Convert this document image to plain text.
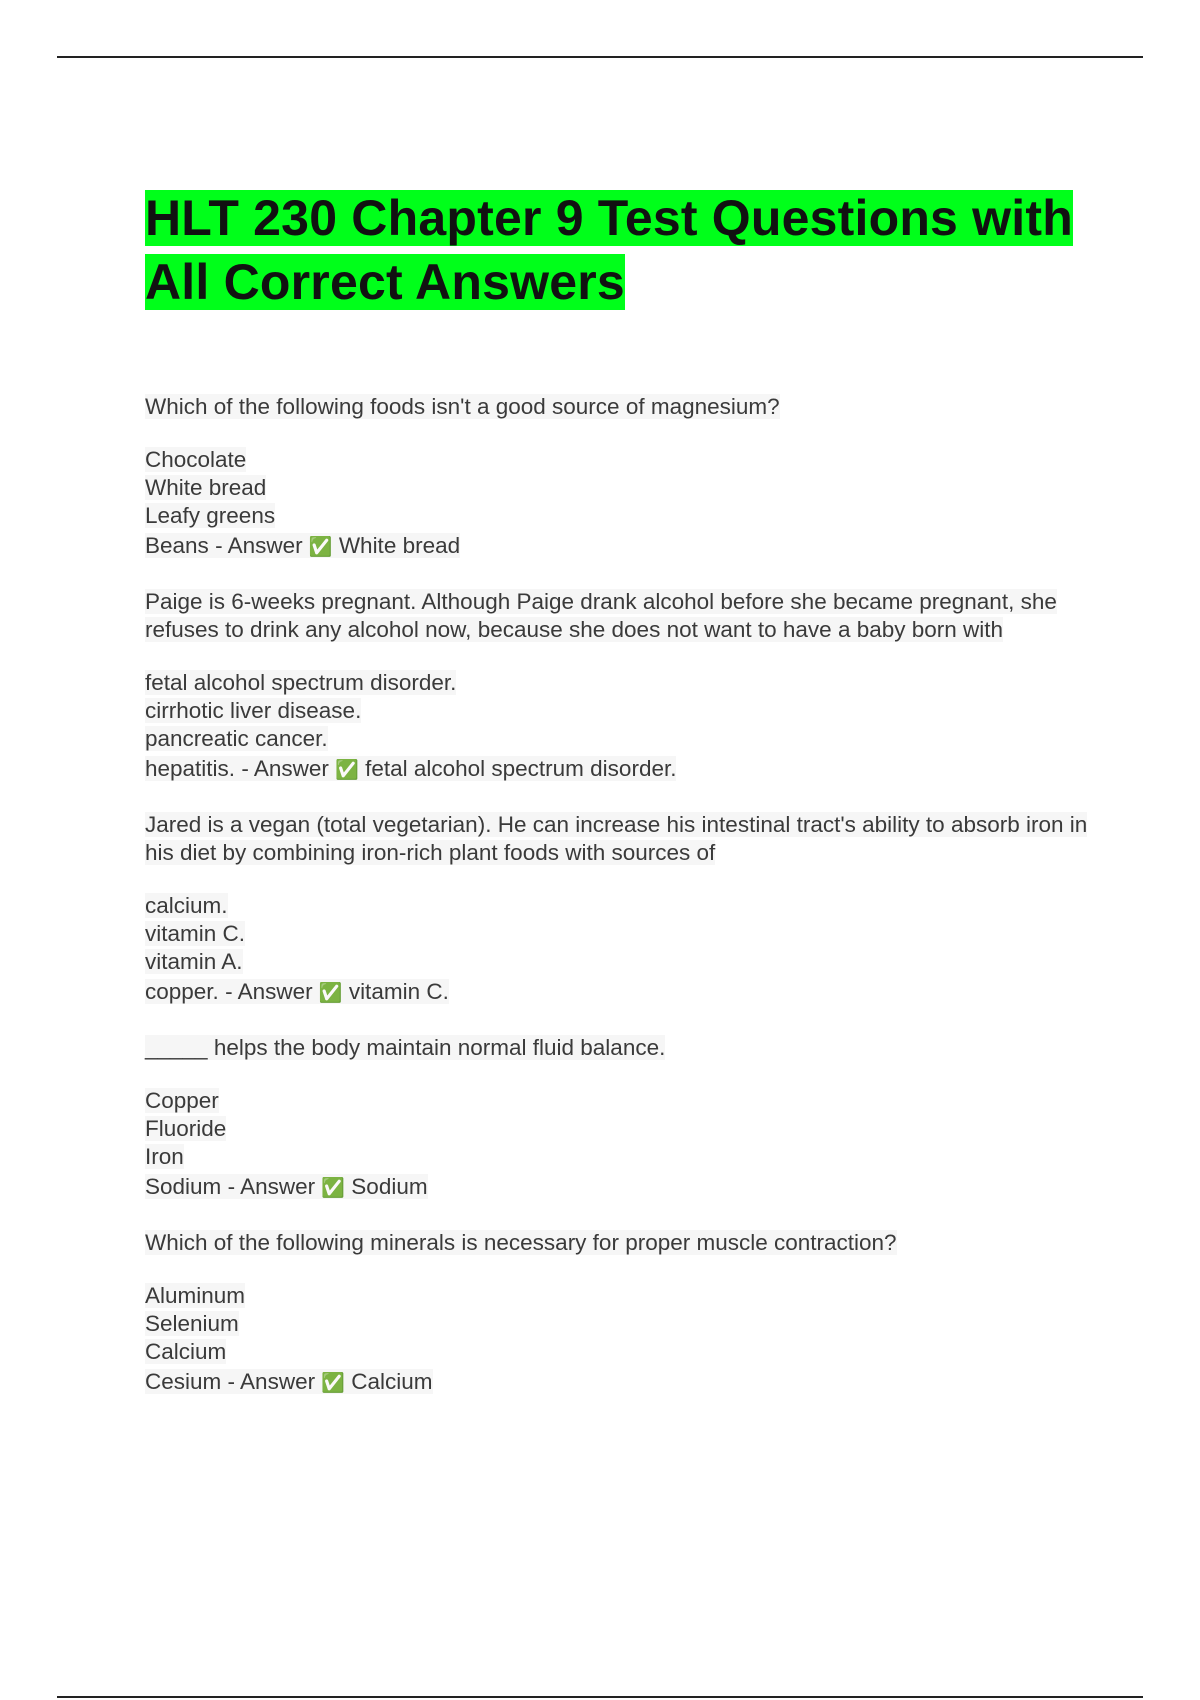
HLT 230 Chapter 9 Test Questions with All Correct Answers

Which of the following foods isn't a good source of magnesium?

Chocolate
White bread
Leafy greens
Beans - Answer ✅ White bread

Paige is 6-weeks pregnant. Although Paige drank alcohol before she became pregnant, she refuses to drink any alcohol now, because she does not want to have a baby born with

fetal alcohol spectrum disorder.
cirrhotic liver disease.
pancreatic cancer.
hepatitis. - Answer ✅ fetal alcohol spectrum disorder.

Jared is a vegan (total vegetarian). He can increase his intestinal tract's ability to absorb iron in his diet by combining iron-rich plant foods with sources of

calcium.
vitamin C.
vitamin A.
copper. - Answer ✅ vitamin C.

_____ helps the body maintain normal fluid balance.

Copper
Fluoride
Iron
Sodium - Answer ✅ Sodium

Which of the following minerals is necessary for proper muscle contraction?

Aluminum
Selenium
Calcium
Cesium - Answer ✅ Calcium
